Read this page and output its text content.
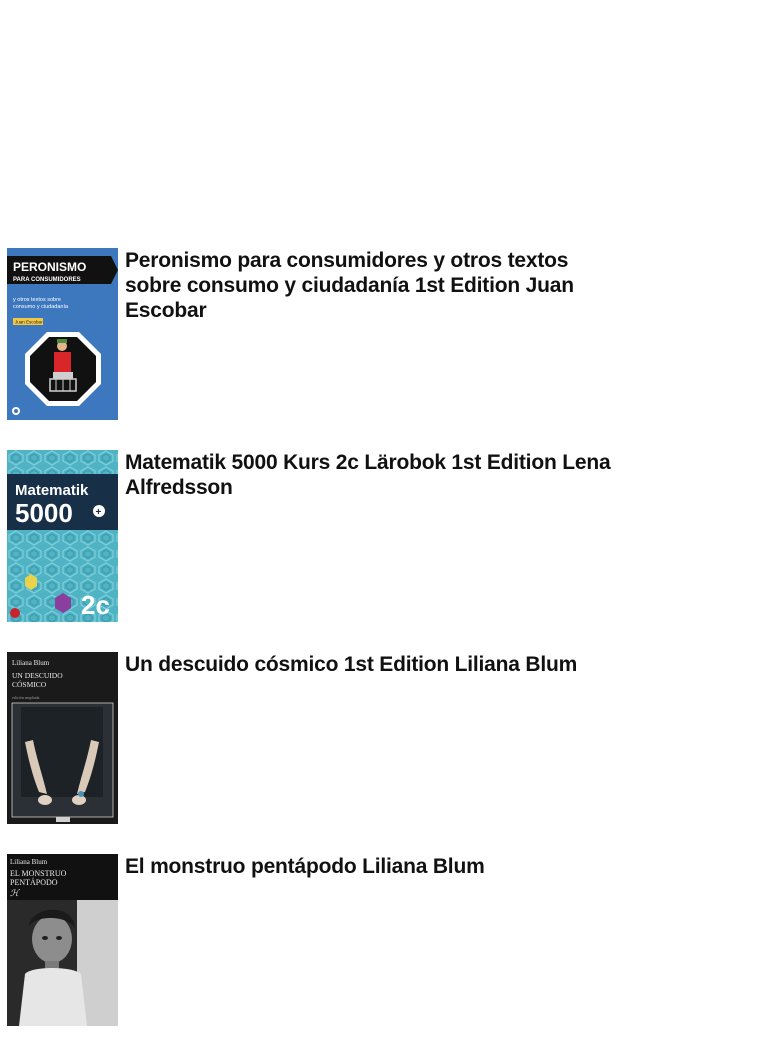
PERONISMO
PARA CONSUMIDORES
y otros textos sobre
consumo y ciudadanía
Juan Escobar
Peronismo para consumidores y otros textos sobre consumo y ciudadanía 1st Edition Juan Escobar
Matematik
5000 +
2c
Matematik 5000 Kurs 2c Lärobok 1st Edition Lena Alfredsson
Liliana Blum
UN DESCUIDO
CÓSMICO
edición ampliada
Un descuido cósmico 1st Edition Liliana Blum
Liliana Blum
EL MONSTRUO
PENTÁPODO
ℋ
El monstruo pentápodo Liliana Blum
